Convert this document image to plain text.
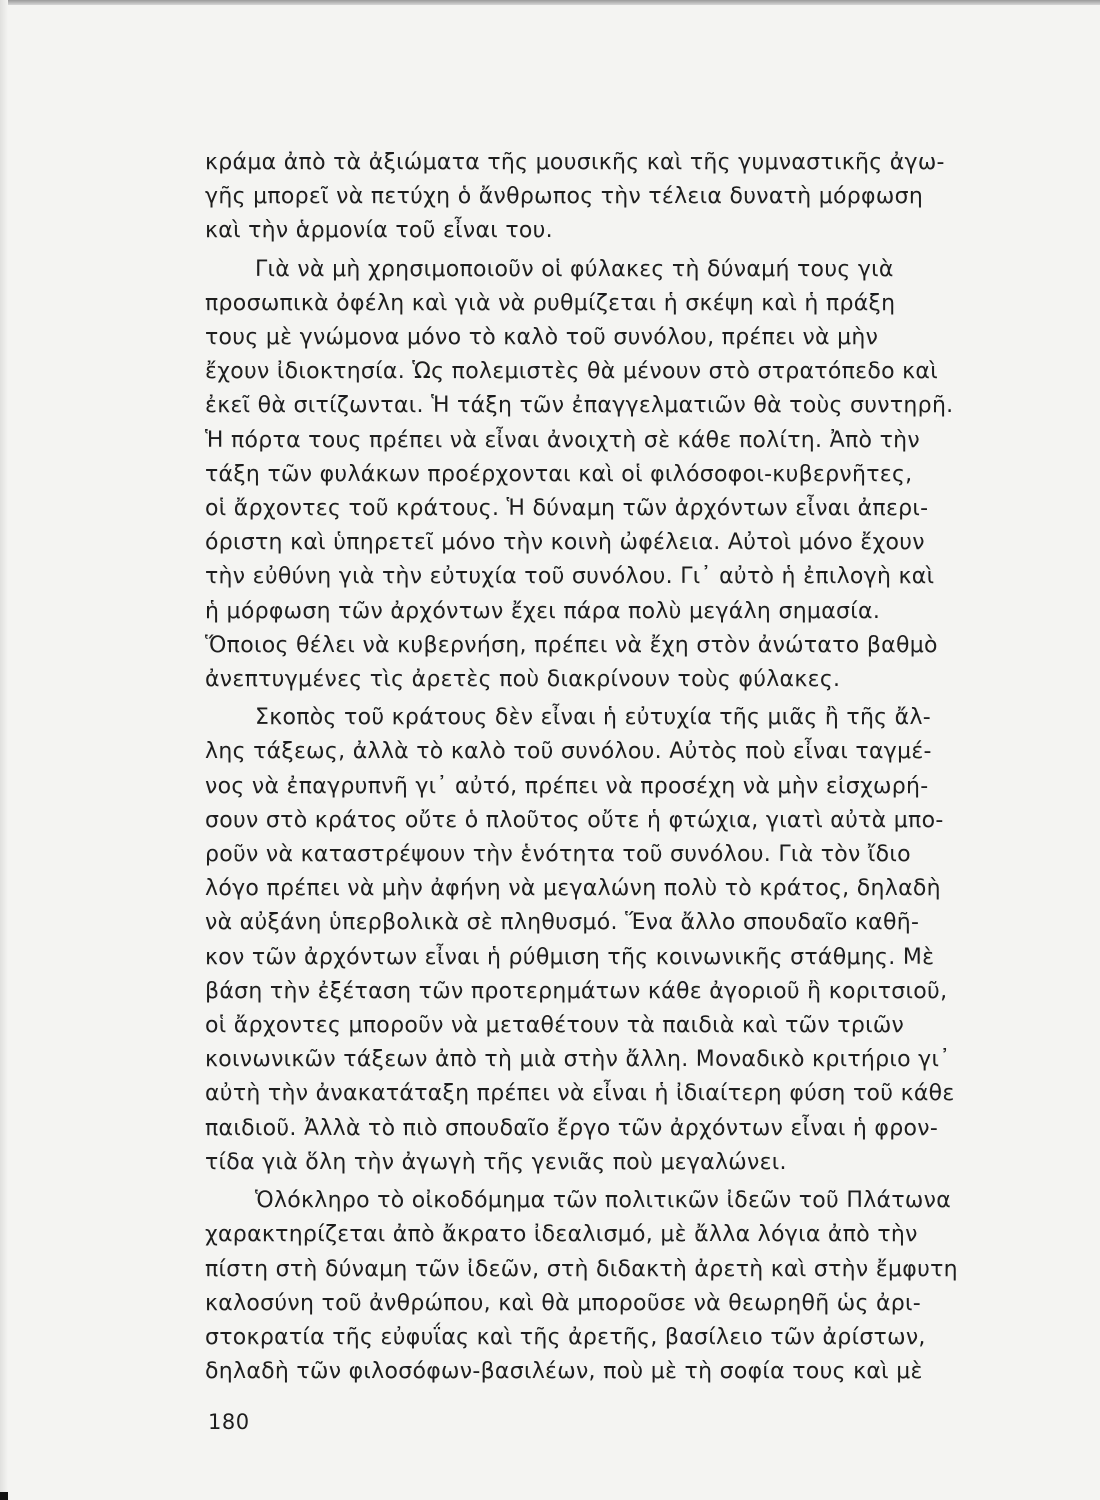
κράμα ἀπὸ τὰ ἀξιώματα τῆς μουσικῆς καὶ τῆς γυμναστικῆς ἀγω-
γῆς μπορεῖ νὰ πετύχη ὁ ἄνθρωπος τὴν τέλεια δυνατὴ μόρφωση
καὶ τὴν ἁρμονία τοῦ εἶναι του.

Γιὰ νὰ μὴ χρησιμοποιοῦν οἱ φύλακες τὴ δύναμή τους γιὰ
προσωπικὰ ὀφέλη καὶ γιὰ νὰ ρυθμίζεται ἡ σκέψη καὶ ἡ πράξη
τους μὲ γνώμονα μόνο τὸ καλὸ τοῦ συνόλου, πρέπει νὰ μὴν
ἔχουν ἰδιοκτησία. Ὡς πολεμιστὲς θὰ μένουν στὸ στρατόπεδο καὶ
ἐκεῖ θὰ σιτίζωνται. Ἡ τάξη τῶν ἐπαγγελματιῶν θὰ τοὺς συντηρῆ.
Ἡ πόρτα τους πρέπει νὰ εἶναι ἀνοιχτὴ σὲ κάθε πολίτη. Ἀπὸ τὴν
τάξη τῶν φυλάκων προέρχονται καὶ οἱ φιλόσοφοι-κυβερνῆτες,
οἱ ἄρχοντες τοῦ κράτους. Ἡ δύναμη τῶν ἀρχόντων εἶναι ἀπερι-
όριστη καὶ ὑπηρετεῖ μόνο τὴν κοινὴ ὠφέλεια. Αὐτοὶ μόνο ἔχουν
τὴν εὐθύνη γιὰ τὴν εὐτυχία τοῦ συνόλου. Γι᾽ αὐτὸ ἡ ἐπιλογὴ καὶ
ἡ μόρφωση τῶν ἀρχόντων ἔχει πάρα πολὺ μεγάλη σημασία.
Ὅποιος θέλει νὰ κυβερνήση, πρέπει νὰ ἔχη στὸν ἀνώτατο βαθμὸ
ἀνεπτυγμένες τὶς ἀρετὲς ποὺ διακρίνουν τοὺς φύλακες.

Σκοπὸς τοῦ κράτους δὲν εἶναι ἡ εὐτυχία τῆς μιᾶς ἢ τῆς ἄλ-
λης τάξεως, ἀλλὰ τὸ καλὸ τοῦ συνόλου. Αὐτὸς ποὺ εἶναι ταγμέ-
νος νὰ ἐπαγρυπνῆ γι᾽ αὐτό, πρέπει νὰ προσέχη νὰ μὴν εἰσχωρή-
σουν στὸ κράτος οὔτε ὁ πλοῦτος οὔτε ἡ φτώχια, γιατὶ αὐτὰ μπο-
ροῦν νὰ καταστρέψουν τὴν ἑνότητα τοῦ συνόλου. Γιὰ τὸν ἴδιο
λόγο πρέπει νὰ μὴν ἀφήνη νὰ μεγαλώνη πολὺ τὸ κράτος, δηλαδὴ
νὰ αὐξάνη ὑπερβολικὰ σὲ πληθυσμό. Ἕνα ἄλλο σπουδαῖο καθῆ-
κον τῶν ἀρχόντων εἶναι ἡ ρύθμιση τῆς κοινωνικῆς στάθμης. Μὲ
βάση τὴν ἐξέταση τῶν προτερημάτων κάθε ἀγοριοῦ ἢ κοριτσιοῦ,
οἱ ἄρχοντες μποροῦν νὰ μεταθέτουν τὰ παιδιὰ καὶ τῶν τριῶν
κοινωνικῶν τάξεων ἀπὸ τὴ μιὰ στὴν ἄλλη. Μοναδικὸ κριτήριο γι᾽
αὐτὴ τὴν ἀνακατάταξη πρέπει νὰ εἶναι ἡ ἰδιαίτερη φύση τοῦ κάθε
παιδιοῦ. Ἀλλὰ τὸ πιὸ σπουδαῖο ἔργο τῶν ἀρχόντων εἶναι ἡ φρον-
τίδα γιὰ ὅλη τὴν ἀγωγὴ τῆς γενιᾶς ποὺ μεγαλώνει.

Ὁλόκληρο τὸ οἰκοδόμημα τῶν πολιτικῶν ἰδεῶν τοῦ Πλάτωνα
χαρακτηρίζεται ἀπὸ ἄκρατο ἰδεαλισμό, μὲ ἄλλα λόγια ἀπὸ τὴν
πίστη στὴ δύναμη τῶν ἰδεῶν, στὴ διδακτὴ ἀρετὴ καὶ στὴν ἔμφυτη
καλοσύνη τοῦ ἀνθρώπου, καὶ θὰ μποροῦσε νὰ θεωρηθῆ ὡς ἀρι-
στοκρατία τῆς εὐφυΐας καὶ τῆς ἀρετῆς, βασίλειο τῶν ἀρίστων,
δηλαδὴ τῶν φιλοσόφων-βασιλέων, ποὺ μὲ τὴ σοφία τους καὶ μὲ

180
